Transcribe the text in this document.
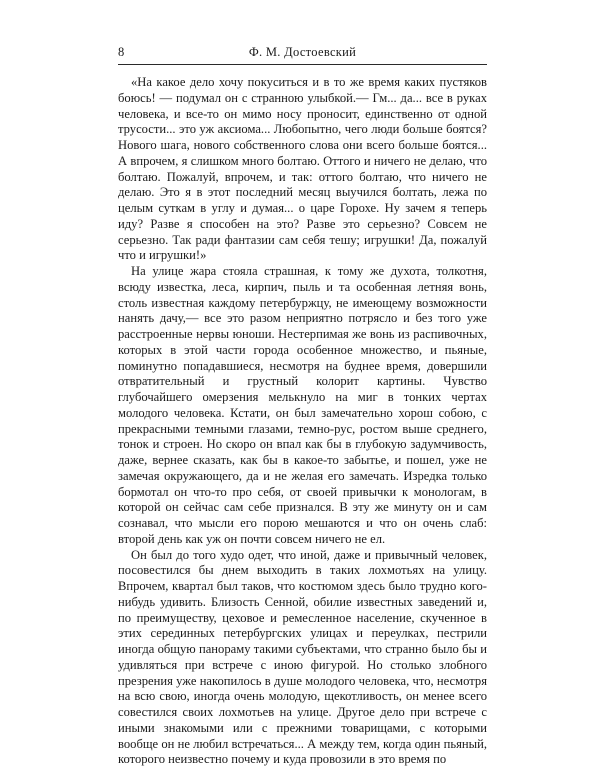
8	Ф. М. Достоевский

«На какое дело хочу покуситься и в то же время каких пустяков боюсь! — подумал он с странною улыбкой.— Гм... да... все в руках человека, и все-то он мимо носу проносит, единственно от одной трусости... это уж аксиома... Любопытно, чего люди больше боятся? Нового шага, нового собственного слова они всего больше боятся... А впрочем, я слишком много болтаю. Оттого и ничего не делаю, что болтаю. Пожалуй, впрочем, и так: оттого болтаю, что ничего не делаю. Это я в этот последний месяц выучился болтать, лежа по целым суткам в углу и думая... о царе Горохе. Ну зачем я теперь иду? Разве я способен на это? Разве это серьезно? Совсем не серьезно. Так ради фантазии сам себя тешу; игрушки! Да, пожалуй что и игрушки!»

На улице жара стояла страшная, к тому же духота, толкотня, всюду известка, леса, кирпич, пыль и та особенная летняя вонь, столь известная каждому петербуржцу, не имеющему возможности нанять дачу,— все это разом неприятно потрясло и без того уже расстроенные нервы юноши. Нестерпимая же вонь из распивочных, которых в этой части города особенное множество, и пьяные, поминутно попадавшиеся, несмотря на буднее время, довершили отвратительный и грустный колорит картины. Чувство глубочайшего омерзения мелькнуло на миг в тонких чертах молодого человека. Кстати, он был замечательно хорош собою, с прекрасными темными глазами, темно-рус, ростом выше среднего, тонок и строен. Но скоро он впал как бы в глубокую задумчивость, даже, вернее сказать, как бы в какое-то забытье, и пошел, уже не замечая окружающего, да и не желая его замечать. Изредка только бормотал он что-то про себя, от своей привычки к монологам, в которой он сейчас сам себе признался. В эту же минуту он и сам сознавал, что мысли его порою мешаются и что он очень слаб: второй день как уж он почти совсем ничего не ел.

Он был до того худо одет, что иной, даже и привычный человек, посовестился бы днем выходить в таких лохмотьях на улицу. Впрочем, квартал был таков, что костюмом здесь было трудно кого-нибудь удивить. Близость Сенной, обилие известных заведений и, по преимуществу, цеховое и ремесленное население, скученное в этих серединных петербургских улицах и переулках, пестрили иногда общую панораму такими субъектами, что странно было бы и удивляться при встрече с иною фигурой. Но столько злобного презрения уже накопилось в душе молодого человека, что, несмотря на всю свою, иногда очень молодую, щекотливость, он менее всего совестился своих лохмотьев на улице. Другое дело при встрече с иными знакомыми или с прежними товарищами, с которыми вообще он не любил встречаться... А между тем, когда один пьяный, которого неизвестно почему и куда провозили в это время по
